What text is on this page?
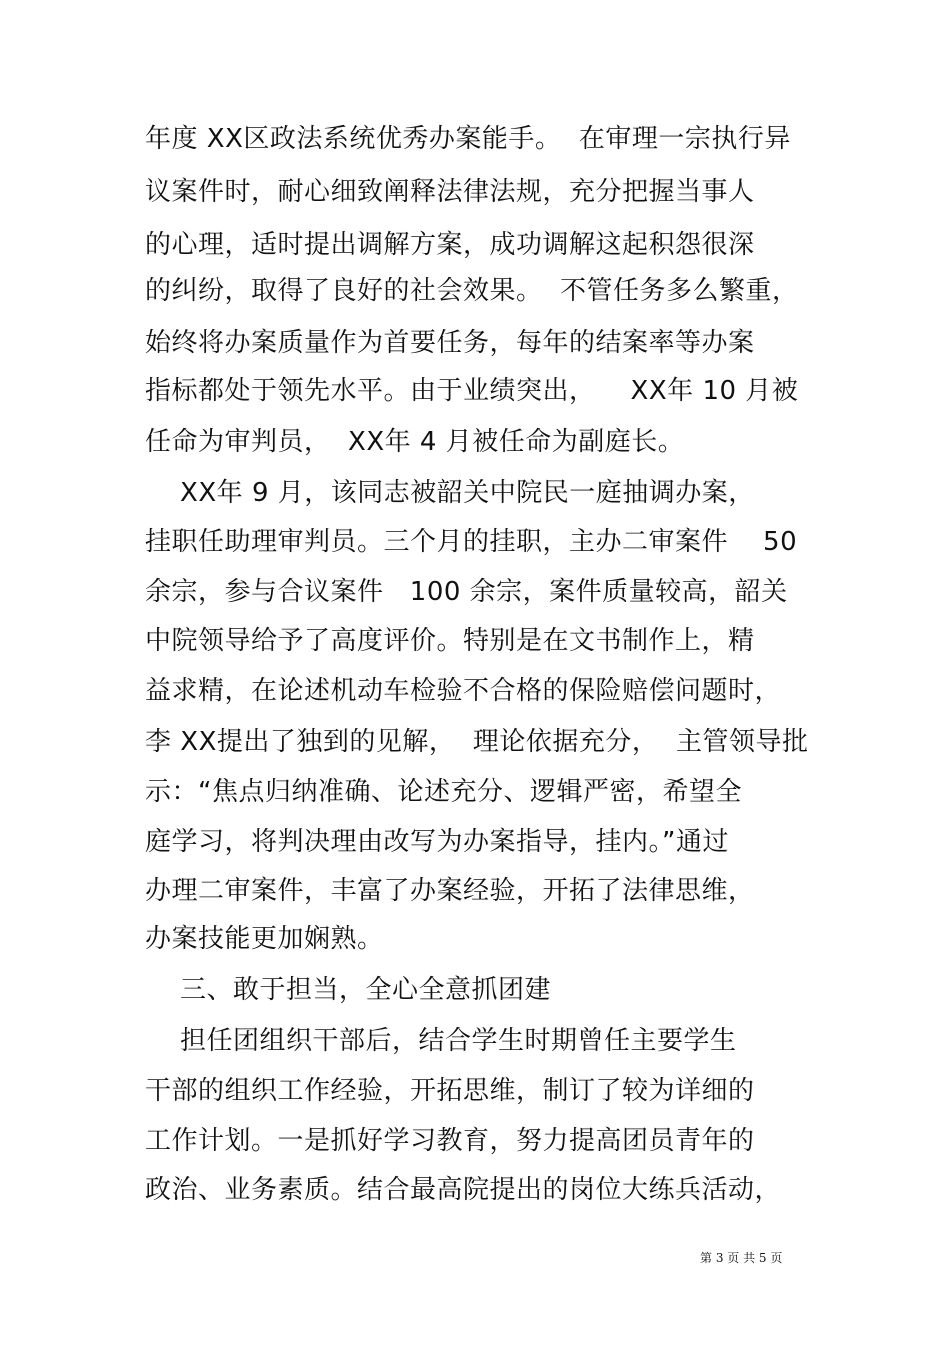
年度 XX区政法系统优秀办案能手。  在审理一宗执行异
议案件时，耐心细致阐释法律法规，充分把握当事人
的心理，适时提出调解方案，成功调解这起积怨很深
的纠纷，取得了良好的社会效果。  不管任务多么繁重，
始终将办案质量作为首要任务，每年的结案率等办案
指标都处于领先水平。由于业绩突出，    XX年 10 月被
任命为审判员，  XX年 4 月被任命为副庭长。
XX年 9 月，该同志被韶关中院民一庭抽调办案，
挂职任助理审判员。三个月的挂职，主办二审案件    50
余宗，参与合议案件   100 余宗，案件质量较高，韶关
中院领导给予了高度评价。特别是在文书制作上，精
益求精，在论述机动车检验不合格的保险赔偿问题时，
李 XX提出了独到的见解，  理论依据充分，  主管领导批
示：“焦点归纳准确、论述充分、逻辑严密，希望全
庭学习，将判决理由改写为办案指导，挂内。”通过
办理二审案件，丰富了办案经验，开拓了法律思维，
办案技能更加娴熟。
三、敢于担当，全心全意抓团建
担任团组织干部后，结合学生时期曾任主要学生
干部的组织工作经验，开拓思维，制订了较为详细的
工作计划。一是抓好学习教育，努力提高团员青年的
政治、业务素质。结合最高院提出的岗位大练兵活动，
第 3 页 共 5 页
